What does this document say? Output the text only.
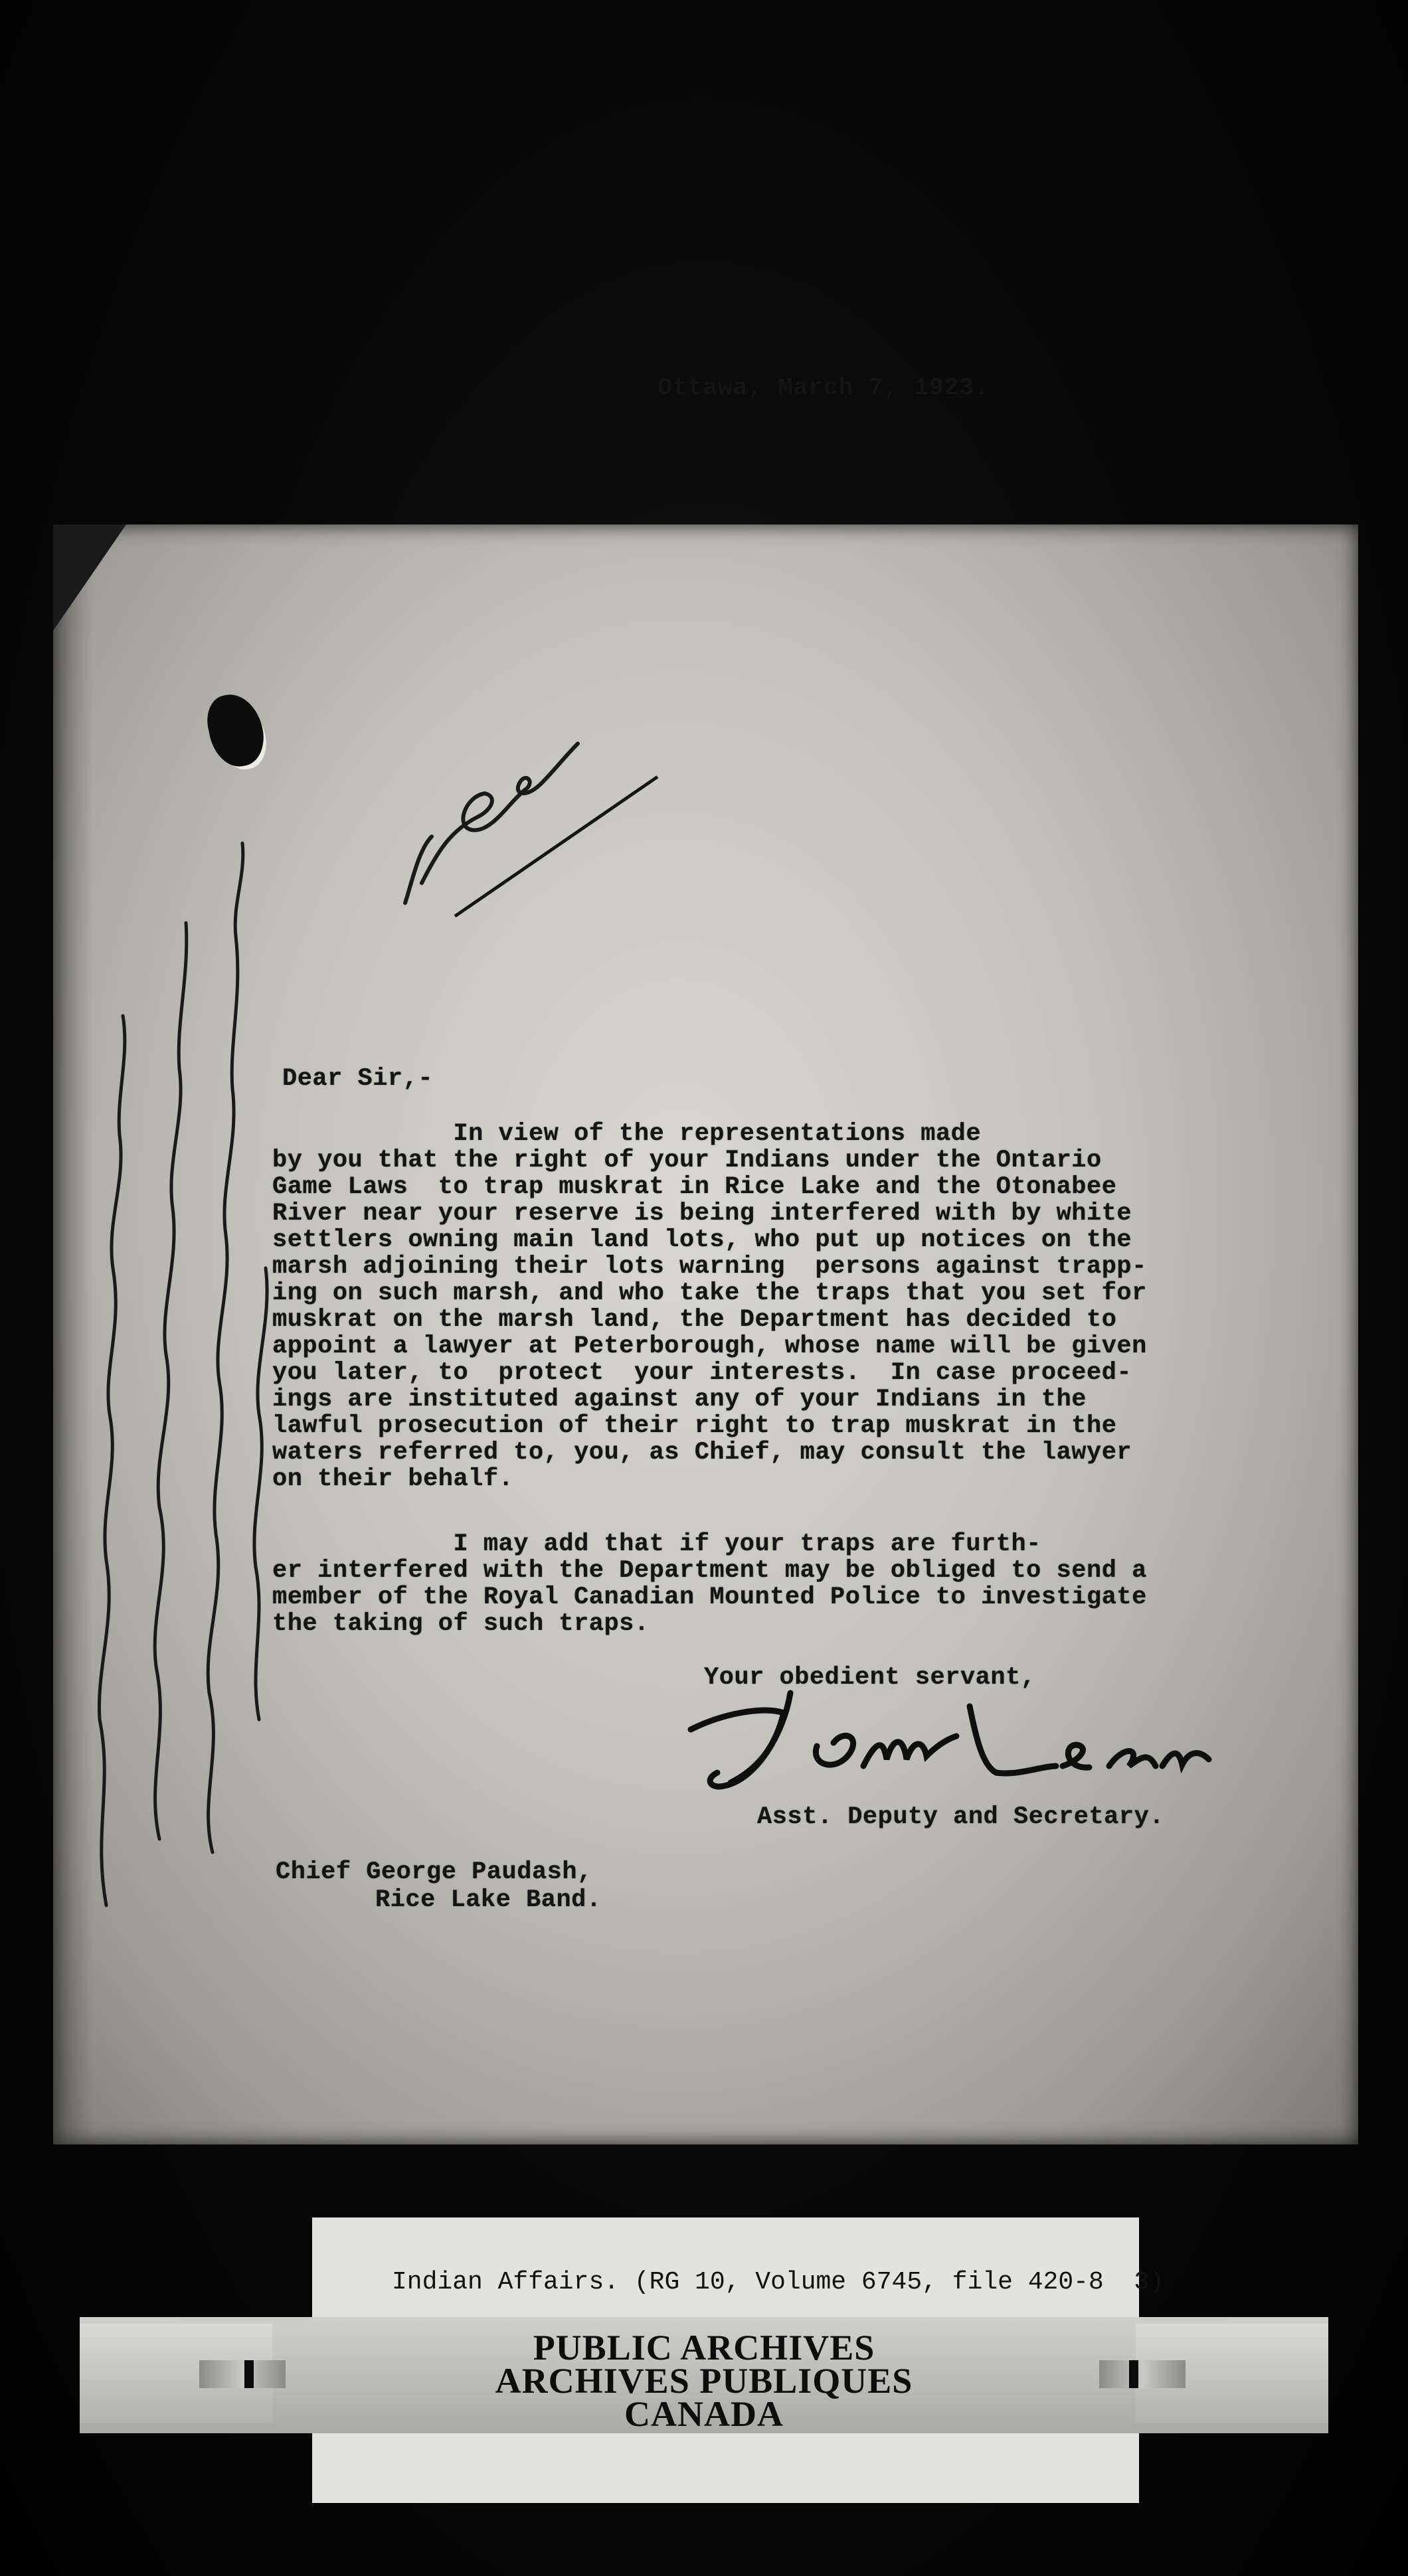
Ottawa, March 7, 1923.
Dear Sir,-
In view of the representations made
by you that the right of your Indians under the Ontario
Game Laws  to trap muskrat in Rice Lake and the Otonabee
River near your reserve is being interfered with by white
settlers owning main land lots, who put up notices on the
marsh adjoining their lots warning  persons against trapp-
ing on such marsh, and who take the traps that you set for
muskrat on the marsh land, the Department has decided to
appoint a lawyer at Peterborough, whose name will be given
you later, to  protect  your interests.  In case proceed-
ings are instituted against any of your Indians in the
lawful prosecution of their right to trap muskrat in the
waters referred to, you, as Chief, may consult the lawyer
on their behalf.
I may add that if your traps are furth-
er interfered with the Department may be obliged to send a
member of the Royal Canadian Mounted Police to investigate
the taking of such traps.
Your obedient servant,
Asst. Deputy and Secretary.
Chief George Paudash,
Rice Lake Band.
Indian Affairs. (RG 10, Volume 6745, file 420-8  3)
PUBLIC ARCHIVES
ARCHIVES PUBLIQUES
CANADA
